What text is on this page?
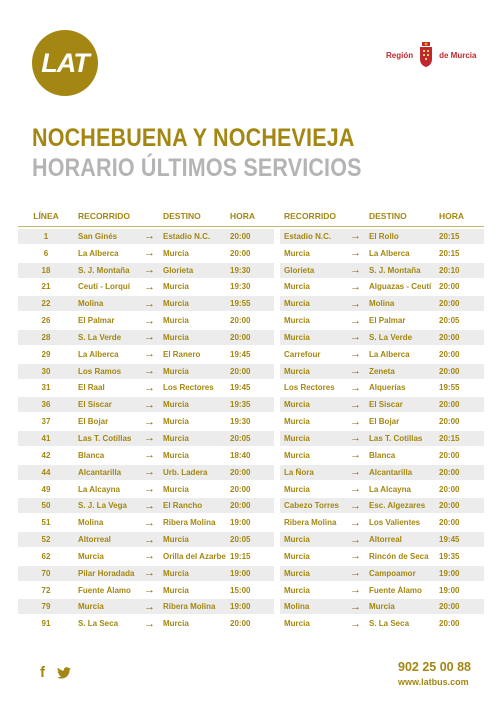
LAT	Región	de Murcia
NOCHEBUENA Y NOCHEVIEJA
HORARIO ÚLTIMOS SERVICIOS
LÍNEA	RECORRIDO	DESTINO	HORA	RECORRIDO	DESTINO	HORA
1	San Ginés	→	Estadio N.C.	20:00	Estadio N.C.	→	El Rollo	20:15
6	La Alberca	→	Murcia	20:00	Murcia	→	La Alberca	20:15
18	S. J. Montaña	→	Glorieta	19:30	Glorieta	→	S. J. Montaña	20:10
21	Ceutí - Lorquí	→	Murcia	19:30	Murcia	→	Alguazas - Ceutí 20:00
22	Molina	→	Murcia	19:55	Murcia	→	Molina	20:00
26	El Palmar	→	Murcia	20:00	Murcia	→	El Palmar	20:05
28	S. La Verde	→	Murcia	20:00	Murcia	→	S. La Verde	20:00
29	La Alberca	→	El Ranero	19:45	Carrefour	→	La Alberca	20:00
30	Los Ramos	→	Murcia	20:00	Murcia	→	Zeneta	20:00
31	El Raal	→	Los Rectores	19:45	Los Rectores	→	Alquerías	19:55
36	El Siscar	→	Murcia	19:35	Murcia	→	El Siscar	20:00
37	El Bojar	→	Murcia	19:30	Murcia	→	El Bojar	20:00
41	Las T. Cotillas	→	Murcia	20:05	Murcia	→	Las T. Cotillas	20:15
42	Blanca	→	Murcia	18:40	Murcia	→	Blanca	20:00
44	Alcantarilla	→	Urb. Ladera	20:00	La Ñora	→	Alcantarilla	20:00
49	La Alcayna	→	Murcia	20:00	Murcia	→	La Alcayna	20:00
50	S. J. La Vega	→	El Rancho	20:00	Cabezo Torres	→	Esc. Algezares	20:00
51	Molina	→	Ribera Molina	19:00	Ribera Molina	→	Los Valientes	20:00
52	Altorreal	→	Murcia	20:05	Murcia	→	Altorreal	19:45
62	Murcia	→	Orilla del Azarbe 19:15	Murcia	→	Rincón de Seca	19:35
70	Pilar Horadada →	Murcia	19:00	Murcia	→	Campoamor	19:00
72	Fuente Álamo	→	Murcia	15:00	Murcia	→	Fuente Álamo	19:00
79	Murcia	→	Ribera Molina	19:00	Molina	→	Murcia	20:00
91	S. La Seca	→	Murcia	20:00	Murcia	→	S. La Seca	20:00
f	902 25 00 88
www.latbus.com
